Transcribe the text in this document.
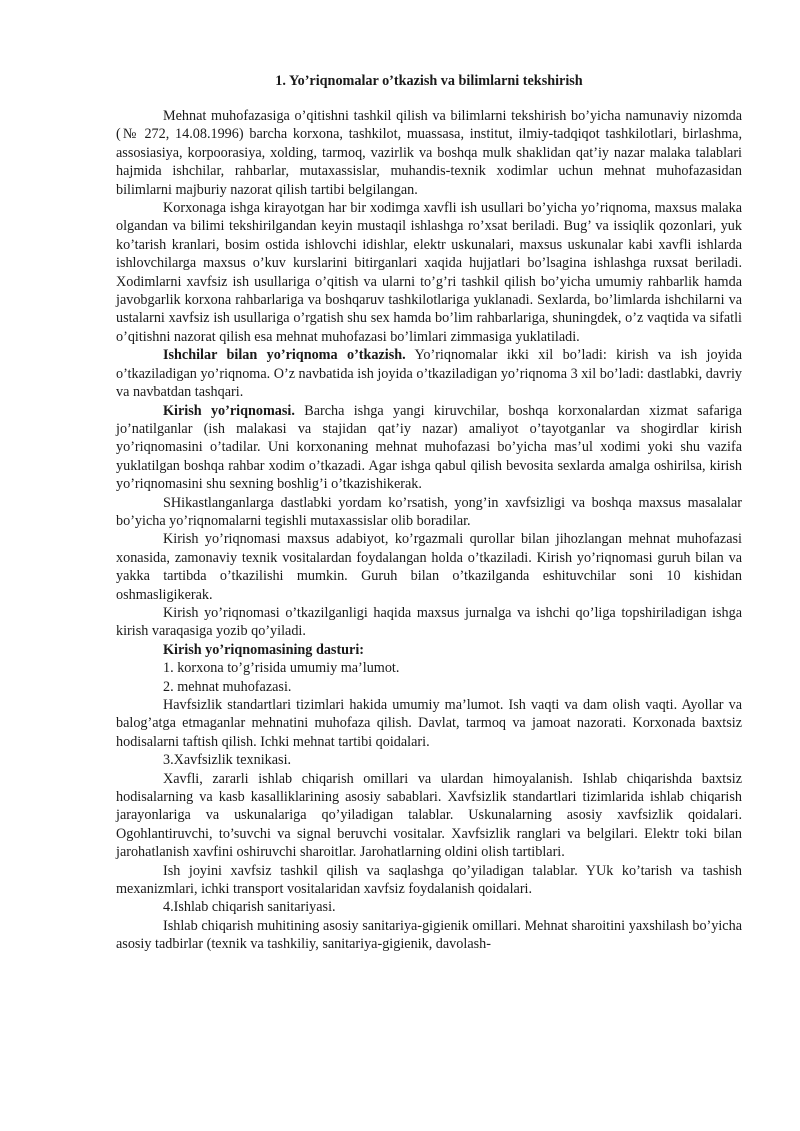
1. Yo’riqnomalar o’tkazish va bilimlarni tekshirish

Mehnat muhofazasiga o’qitishni tashkil qilish va bilimlarni tekshirish bo’yicha namunaviy nizomda (№ 272, 14.08.1996) barcha korxona, tashkilot, muassasa, institut, ilmiy-tadqiqot tashkilotlari, birlashma, assosiasiya, korpoorasiya, xolding, tarmoq, vazirlik va boshqa mulk shaklidan qat’iy nazar malaka talablari hajmida ishchilar, rahbarlar, mutaxassislar, muhandis-texnik xodimlar uchun mehnat muhofazasidan bilimlarni majburiy nazorat qilish tartibi belgilangan.

Korxonaga ishga kirayotgan har bir xodimga xavfli ish usullari bo’yicha yo’riqnoma, maxsus malaka olgandan va bilimi tekshirilgandan keyin mustaqil ishlashga ro’xsat beriladi. Bug’ va issiqlik qozonlari, yuk ko’tarish kranlari, bosim ostida ishlovchi idishlar, elektr uskunalari, maxsus uskunalar kabi xavfli ishlarda ishlovchilarga maxsus o’kuv kurslarini bitirganlari xaqida hujjatlari bo’lsagina ishlashga ruxsat beriladi. Xodimlarni xavfsiz ish usullariga o’qitish va ularni to’g’ri tashkil qilish bo’yicha umumiy rahbarlik hamda javobgarlik korxona rahbarlariga va boshqaruv tashkilotlariga yuklanadi. Sexlarda, bo’limlarda ishchilarni va ustalarni xavfsiz ish usullariga o’rgatish shu sex hamda bo’lim rahbarlariga, shuningdek, o’z vaqtida va sifatli o’qitishni nazorat qilish esa mehnat muhofazasi bo’limlari zimmasiga yuklatiladi.

Ishchilar bilan yo’riqnoma o’tkazish. Yo’riqnomalar ikki xil bo’ladi: kirish va ish joyida o’tkaziladigan yo’riqnoma. O’z navbatida ish joyida o’tkaziladigan yo’riqnoma 3 xil bo’ladi: dastlabki, davriy va navbatdan tashqari.

Kirish yo’riqnomasi. Barcha ishga yangi kiruvchilar, boshqa korxonalardan xizmat safariga jo’natilganlar (ish malakasi va stajidan qat’iy nazar) amaliyot o’tayotganlar va shogirdlar kirish yo’riqnomasini o’tadilar. Uni korxonaning mehnat muhofazasi bo’yicha mas’ul xodimi yoki shu vazifa yuklatilgan boshqa rahbar xodim o’tkazadi. Agar ishga qabul qilish bevosita sexlarda amalga oshirilsa, kirish yo’riqnomasini shu sexning boshlig’i o’tkazishikerak.

SHikastlanganlarga dastlabki yordam ko’rsatish, yong’in xavfsizligi va boshqa maxsus masalalar bo’yicha yo’riqnomalarni tegishli mutaxassislar olib boradilar.

Kirish yo’riqnomasi maxsus adabiyot, ko’rgazmali qurollar bilan jihozlangan mehnat muhofazasi xonasida, zamonaviy texnik vositalardan foydalangan holda o’tkaziladi. Kirish yo’riqnomasi guruh bilan va yakka tartibda o’tkazilishi mumkin. Guruh bilan o’tkazilganda eshituvchilar soni 10 kishidan oshmasligikerak.

Kirish yo’riqnomasi o’tkazilganligi haqida maxsus jurnalga va ishchi qo’liga topshiriladigan ishga kirish varaqasiga yozib qo’yiladi.

Kirish yo’riqnomasining dasturi:

1. korxona to’g’risida umumiy ma’lumot.

2. mehnat muhofazasi.

Havfsizlik standartlari tizimlari hakida umumiy ma’lumot. Ish vaqti va dam olish vaqti. Ayollar va balog’atga etmaganlar mehnatini muhofaza qilish. Davlat, tarmoq va jamoat nazorati. Korxonada baxtsiz hodisalarni taftish qilish. Ichki mehnat tartibi qoidalari.

3.Xavfsizlik texnikasi.

Xavfli, zararli ishlab chiqarish omillari va ulardan himoyalanish. Ishlab chiqarishda baxtsiz hodisalarning va kasb kasalliklarining asosiy sabablari. Xavfsizlik standartlari tizimlarida ishlab chiqarish jarayonlariga va uskunalariga qo’yiladigan talablar. Uskunalarning asosiy xavfsizlik qoidalari. Ogohlantiruvchi, to’suvchi va signal beruvchi vositalar. Xavfsizlik ranglari va belgilari. Elektr toki bilan jarohatlanish xavfini oshiruvchi sharoitlar. Jarohatlarning oldini olish tartiblari.

Ish joyini xavfsiz tashkil qilish va saqlashga qo’yiladigan talablar. YUk ko’tarish va tashish mexanizmlari, ichki transport vositalaridan xavfsiz foydalanish qoidalari.

4.Ishlab chiqarish sanitariyasi.

Ishlab chiqarish muhitining asosiy sanitariya-gigienik omillari. Mehnat sharoitini yaxshilash bo’yicha asosiy tadbirlar (texnik va tashkiliy, sanitariya-gigienik, davolash-
